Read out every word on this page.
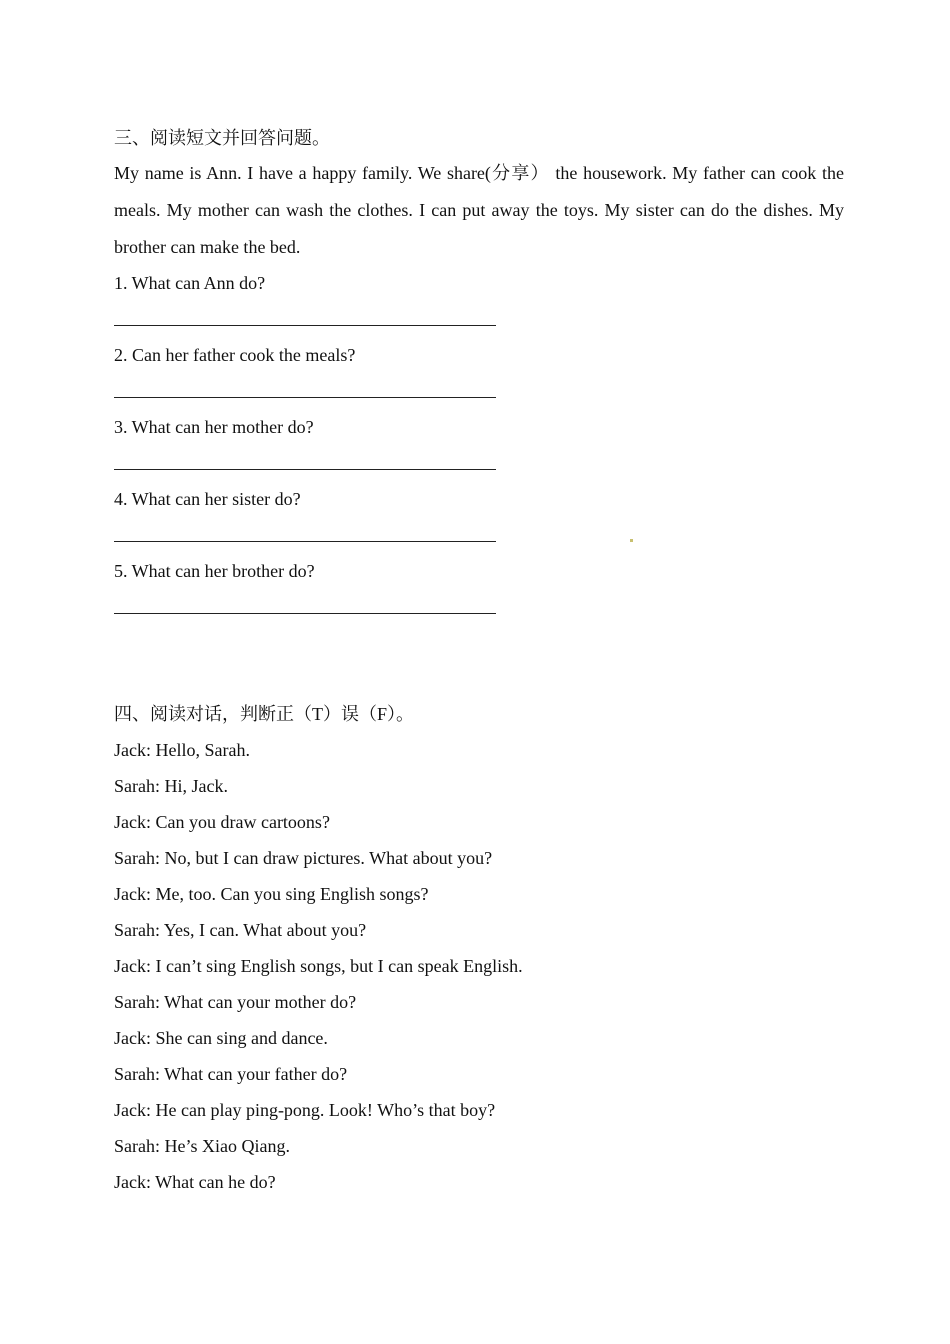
三、阅读短文并回答问题。
My name is Ann. I have a happy family. We share(分享） the housework. My father can cook the meals. My mother can wash the clothes. I can put away the toys. My sister can do the dishes. My brother can make the bed.
1. What can Ann do?
2. Can her father cook the meals?
3. What can her mother do?
4. What can her sister do?
5. What can her brother do?
四、阅读对话，判断正（T）误（F）。
Jack: Hello, Sarah.
Sarah: Hi, Jack.
Jack: Can you draw cartoons?
Sarah: No, but I can draw pictures. What about you?
Jack: Me, too. Can you sing English songs?
Sarah: Yes, I can. What about you?
Jack: I can’t sing English songs, but I can speak English.
Sarah: What can your mother do?
Jack: She can sing and dance.
Sarah: What can your father do?
Jack: He can play ping-pong. Look! Who’s that boy?
Sarah: He’s Xiao Qiang.
Jack: What can he do?
